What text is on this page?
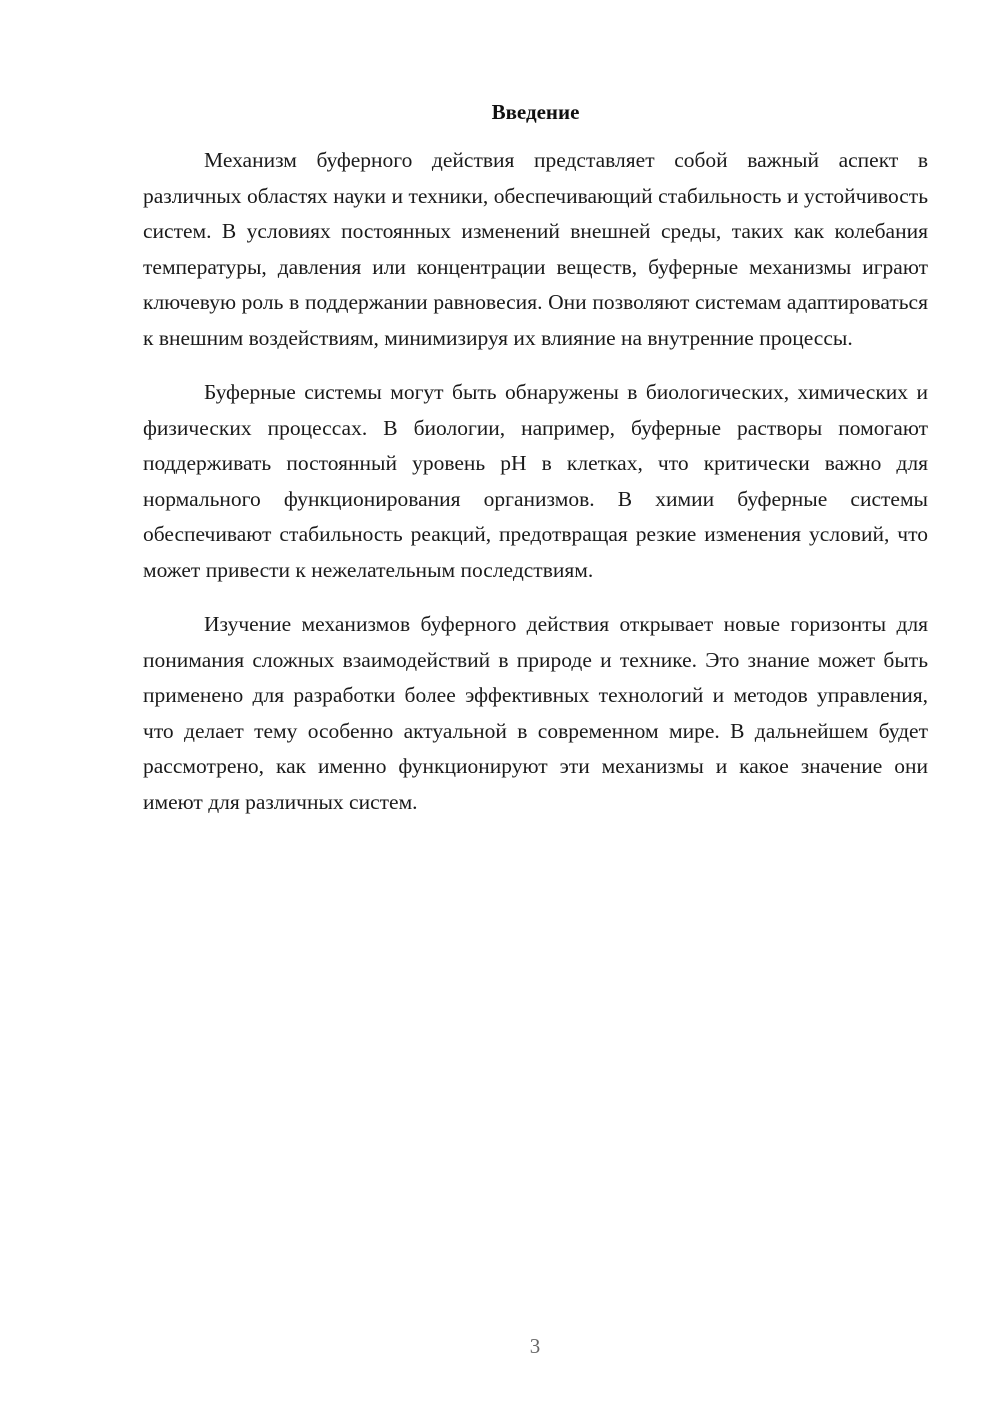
Введение

Механизм буферного действия представляет собой важный аспект в различных областях науки и техники, обеспечивающий стабильность и устойчивость систем. В условиях постоянных изменений внешней среды, таких как колебания температуры, давления или концентрации веществ, буферные механизмы играют ключевую роль в поддержании равновесия. Они позволяют системам адаптироваться к внешним воздействиям, минимизируя их влияние на внутренние процессы.

Буферные системы могут быть обнаружены в биологических, химических и физических процессах. В биологии, например, буферные растворы помогают поддерживать постоянный уровень pH в клетках, что критически важно для нормального функционирования организмов. В химии буферные системы обеспечивают стабильность реакций, предотвращая резкие изменения условий, что может привести к нежелательным последствиям.

Изучение механизмов буферного действия открывает новые горизонты для понимания сложных взаимодействий в природе и технике. Это знание может быть применено для разработки более эффективных технологий и методов управления, что делает тему особенно актуальной в современном мире. В дальнейшем будет рассмотрено, как именно функционируют эти механизмы и какое значение они имеют для различных систем.

3
